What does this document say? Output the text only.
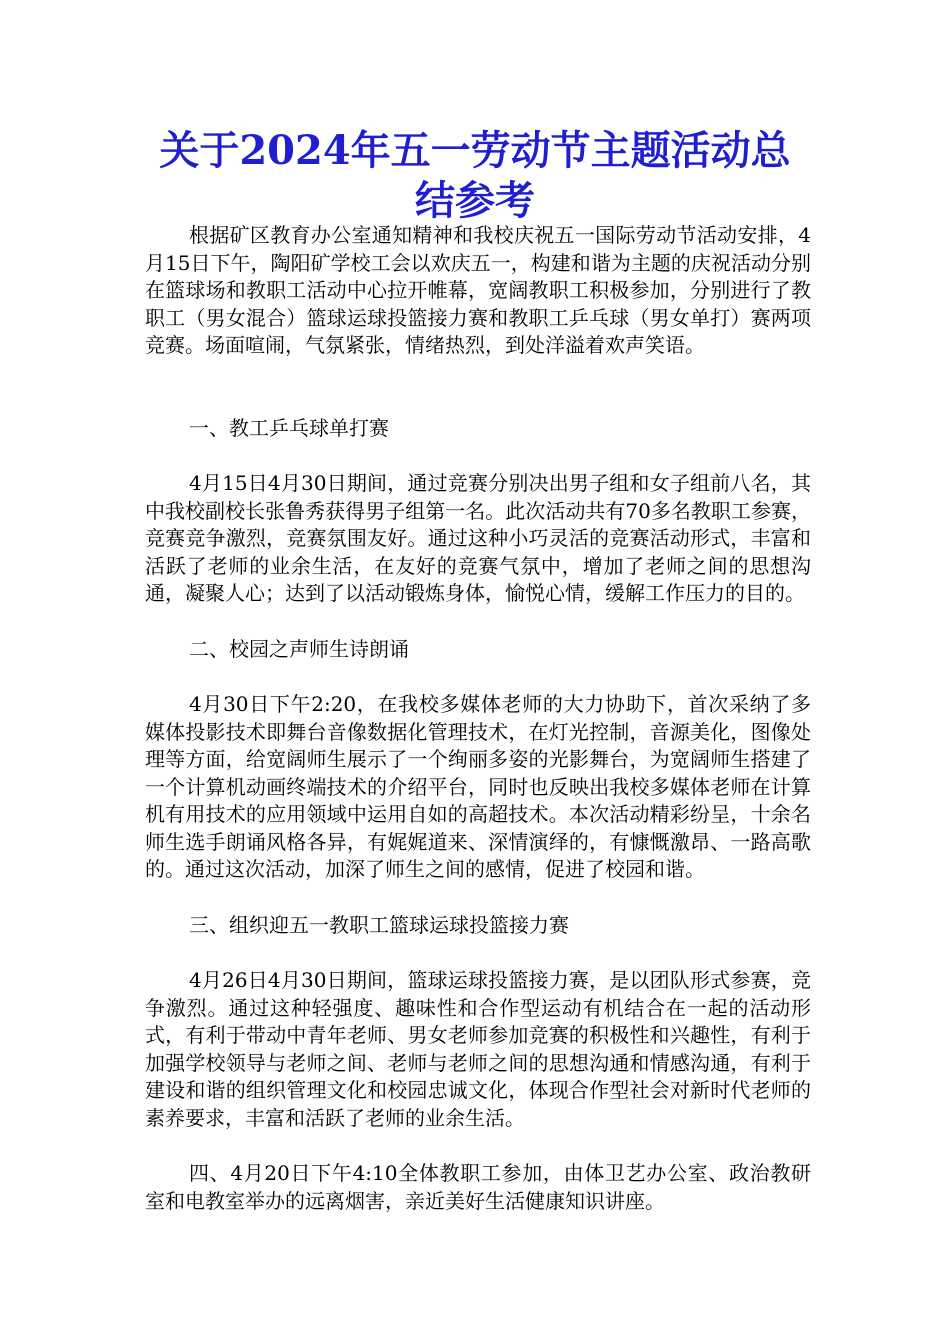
关于2024年五一劳动节主题活动总结参考

根据矿区教育办公室通知精神和我校庆祝五一国际劳动节活动安排，4月15日下午，陶阳矿学校工会以欢庆五一，构建和谐为主题的庆祝活动分别在篮球场和教职工活动中心拉开帷幕，宽阔教职工积极参加，分别进行了教职工（男女混合）篮球运球投篮接力赛和教职工乒乓球（男女单打）赛两项竞赛。场面喧闹，气氛紧张，情绪热烈，到处洋溢着欢声笑语。

一、教工乒乓球单打赛

4月15日4月30日期间，通过竞赛分别决出男子组和女子组前八名，其中我校副校长张鲁秀获得男子组第一名。此次活动共有70多名教职工参赛，竞赛竞争激烈，竞赛氛围友好。通过这种小巧灵活的竞赛活动形式，丰富和活跃了老师的业余生活，在友好的竞赛气氛中，增加了老师之间的思想沟通，凝聚人心；达到了以活动锻炼身体，愉悦心情，缓解工作压力的目的。

二、校园之声师生诗朗诵

4月30日下午2:20，在我校多媒体老师的大力协助下，首次采纳了多媒体投影技术即舞台音像数据化管理技术，在灯光控制，音源美化，图像处理等方面，给宽阔师生展示了一个绚丽多姿的光影舞台，为宽阔师生搭建了一个计算机动画终端技术的介绍平台，同时也反映出我校多媒体老师在计算机有用技术的应用领域中运用自如的高超技术。本次活动精彩纷呈，十余名师生选手朗诵风格各异，有娓娓道来、深情演绎的，有慷慨激昂、一路高歌的。通过这次活动，加深了师生之间的感情，促进了校园和谐。

三、组织迎五一教职工篮球运球投篮接力赛

4月26日4月30日期间，篮球运球投篮接力赛，是以团队形式参赛，竞争激烈。通过这种轻强度、趣味性和合作型运动有机结合在一起的活动形式，有利于带动中青年老师、男女老师参加竞赛的积极性和兴趣性，有利于加强学校领导与老师之间、老师与老师之间的思想沟通和情感沟通，有利于建设和谐的组织管理文化和校园忠诚文化，体现合作型社会对新时代老师的素养要求，丰富和活跃了老师的业余生活。

四、4月20日下午4:10全体教职工参加，由体卫艺办公室、政治教研室和电教室举办的远离烟害，亲近美好生活健康知识讲座。
